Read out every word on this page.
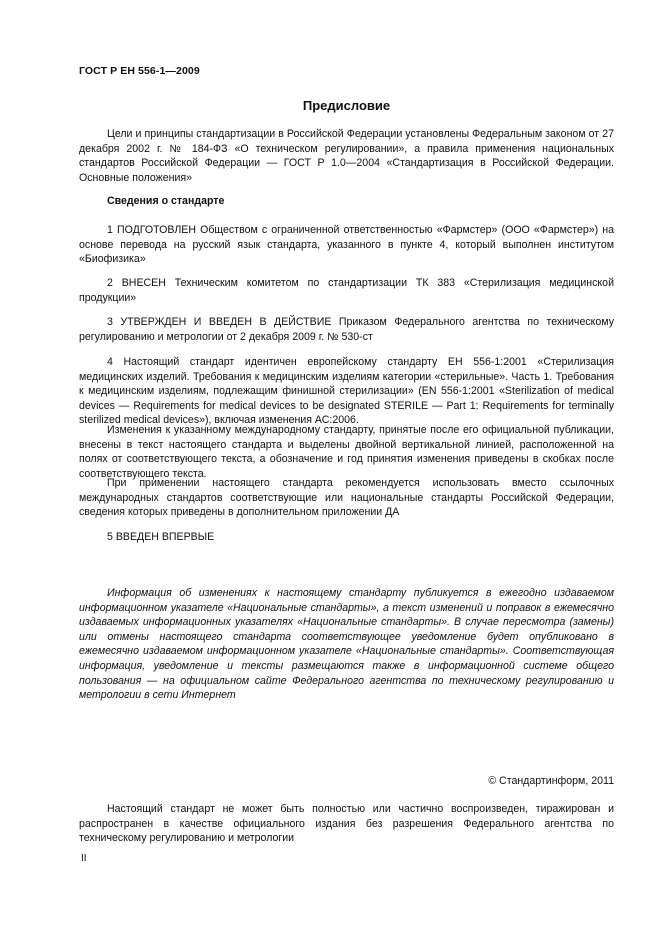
ГОСТ Р ЕН 556-1—2009
Предисловие

Цели и принципы стандартизации в Российской Федерации установлены Федеральным законом от 27 декабря 2002 г. № 184-ФЗ «О техническом регулировании», а правила применения национальных стандартов Российской Федерации — ГОСТ Р 1.0—2004 «Стандартизация в Российской Федерации. Основные положения»

Сведения о стандарте

1 ПОДГОТОВЛЕН Обществом с ограниченной ответственностью «Фармстер» (ООО «Фармстер») на основе перевода на русский язык стандарта, указанного в пункте 4, который выполнен институтом «Биофизика»

2 ВНЕСЕН Техническим комитетом по стандартизации ТК 383 «Стерилизация медицинской продукции»

3 УТВЕРЖДЕН И ВВЕДЕН В ДЕЙСТВИЕ Приказом Федерального агентства по техническому регулированию и метрологии от 2 декабря 2009 г. № 530-ст

4 Настоящий стандарт идентичен европейскому стандарту ЕН 556-1:2001 «Стерилизация медицинских изделий. Требования к медицинским изделиям категории «стерильные». Часть 1. Требования к медицинским изделиям, подлежащим финишной стерилизации» (EN 556-1:2001 «Sterilization of medical devices — Requirements for medical devices to be designated STERILE — Part 1: Requirements for terminally sterilized medical devices»), включая изменения АС:2006.

Изменения к указанному международному стандарту, принятые после его официальной публикации, внесены в текст настоящего стандарта и выделены двойной вертикальной линией, расположенной на полях от соответствующего текста, а обозначение и год принятия изменения приведены в скобках после соответствующего текста.

При применении настоящего стандарта рекомендуется использовать вместо ссылочных международных стандартов соответствующие или национальные стандарты Российской Федерации, сведения которых приведены в дополнительном приложении ДА

5 ВВЕДЕН ВПЕРВЫЕ

Информация об изменениях к настоящему стандарту публикуется в ежегодно издаваемом информационном указателе «Национальные стандарты», а текст изменений и поправок в ежемесячно издаваемых информационных указателях «Национальные стандарты». В случае пересмотра (замены) или отмены настоящего стандарта соответствующее уведомление будет опубликовано в ежемесячно издаваемом информационном указателе «Национальные стандарты». Соответствующая информация, уведомление и тексты размещаются также в информационной системе общего пользования — на официальном сайте Федерального агентства по техническому регулированию и метрологии в сети Интернет

© Стандартинформ, 2011

Настоящий стандарт не может быть полностью или частично воспроизведен, тиражирован и распространен в качестве официального издания без разрешения Федерального агентства по техническому регулированию и метрологии

II
